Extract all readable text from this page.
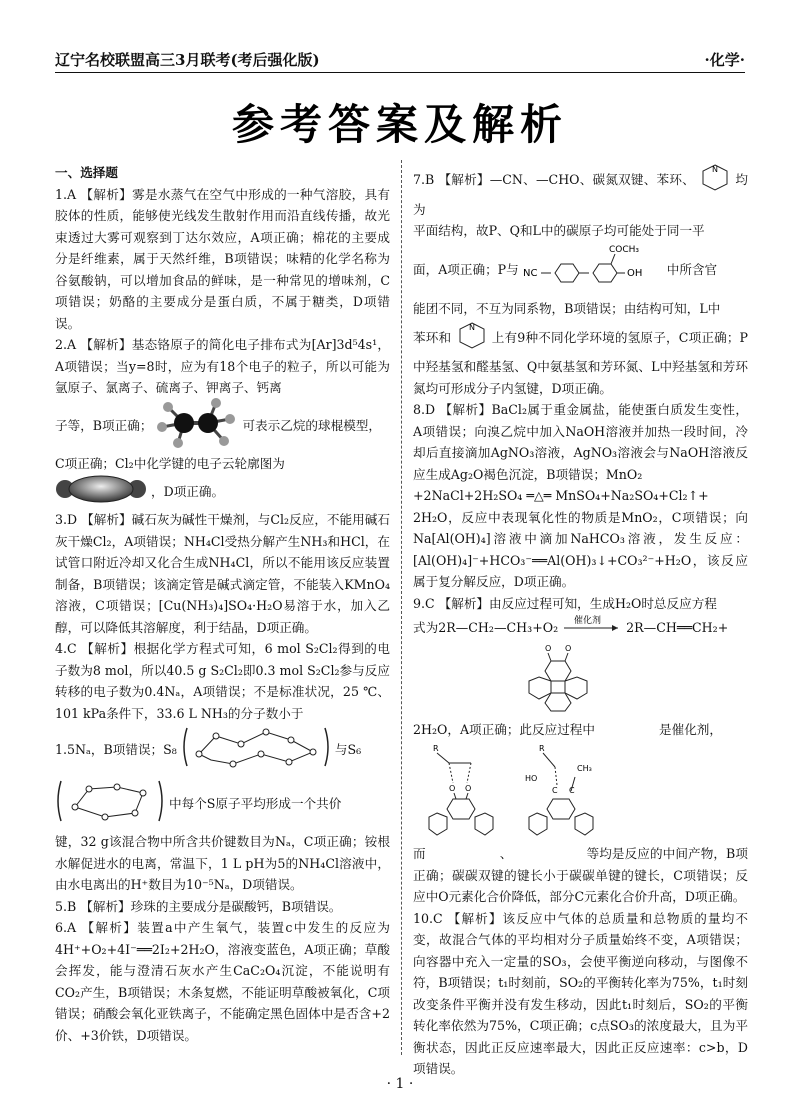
辽宁名校联盟高三3月联考(考后强化版)	·化学·
参考答案及解析
一、选择题

1.A 【解析】雾是水蒸气在空气中形成的一种气溶胶，具有胶体的性质，能够使光线发生散射作用而沿直线传播，故光束透过大雾可观察到丁达尔效应，A项正确；棉花的主要成分是纤维素，属于天然纤维，B项错误；味精的化学名称为谷氨酸钠，可以增加食品的鲜味，是一种常见的增味剂，C项错误；奶酪的主要成分是蛋白质，不属于糖类，D项错误。

2.A 【解析】基态铬原子的简化电子排布式为[Ar]3d⁵4s¹，A项错误；当y=8时，应为有18个电子的粒子，所以可能为氩原子、氯离子、硫离子、钾离子、钙离
子等，B项正确；	可表示乙烷的球棍模型，
C项正确；Cl₂中化学键的电子云轮廓图为
，D项正确。

3.D 【解析】碱石灰为碱性干燥剂，与Cl₂反应，不能用碱石灰干燥Cl₂，A项错误；NH₄Cl受热分解产生NH₃和HCl，在试管口附近冷却又化合生成NH₄Cl，所以不能用该反应装置制备，B项错误；该滴定管是碱式滴定管，不能装入KMnO₄溶液，C项错误；[Cu(NH₃)₄]SO₄·H₂O易溶于水，加入乙醇，可以降低其溶解度，利于结晶，D项正确。

4.C 【解析】根据化学方程式可知，6 mol S₂Cl₂得到的电子数为8 mol，所以40.5 g S₂Cl₂即0.3 mol S₂Cl₂参与反应转移的电子数为0.4Nₐ，A项错误；不是标准状况，25 ℃、101 kPa条件下，33.6 L NH₃的分子数小于
1.5Nₐ，B项错误；S₈	与S₆
中每个S原子平均形成一个共价
键，32 g该混合物中所含共价键数目为Nₐ，C项正确；铵根水解促进水的电离，常温下，1 L pH为5的NH₄Cl溶液中，由水电离出的H⁺数目为10⁻⁵Nₐ，D项错误。

5.B 【解析】珍珠的主要成分是碳酸钙，B项错误。

6.A 【解析】装置a中产生氧气，装置c中发生的反应为4H⁺+O₂+4I⁻══2I₂+2H₂O，溶液变蓝色，A项正确；草酸会挥发，能与澄清石灰水产生CaC₂O₄沉淀，不能说明有CO₂产生，B项错误；木条复燃，不能证明草酸被氧化，C项错误；硝酸会氧化亚铁离子，不能确定黑色固体中是否含+2价、+3价铁，D项错误。

7.B 【解析】—CN、—CHO、碳氮双键、苯环、
N
均为
平面结构，故P、Q和L中的碳原子均可能处于同一平
面，A项正确；P与 NC
COCH₃
OH 中所含官
能团不同，不互为同系物，B项错误；由结构可知，L中
苯环和
N
上有9种不同化学环境的氢原子，C项正确；P中羟基氢和醛基氢、Q中氨基氢和芳环氮、L中羟基氢和芳环氮均可形成分子内氢键，D项正确。

8.D 【解析】BaCl₂属于重金属盐，能使蛋白质发生变性，A项错误；向溴乙烷中加入NaOH溶液并加热一段时间，冷却后直接滴加AgNO₃溶液，AgNO₃溶液会与NaOH溶液反应生成Ag₂O褐色沉淀，B项错误；MnO₂
+2NaCl+2H₂SO₄ ═△═ MnSO₄+Na₂SO₄+Cl₂↑+
2H₂O，反应中表现氧化性的物质是MnO₂，C项错误；向Na[Al(OH)₄]溶液中滴加NaHCO₃溶液，发生反应：[Al(OH)₄]⁻+HCO₃⁻══Al(OH)₃↓+CO₃²⁻+H₂O，该反应属于复分解反应，D项正确。

9.C 【解析】由反应过程可知，生成H₂O时总反应方程
式为2R—CH₂—CH₃+O₂ 催化剂 2R—CH══CH₂+

O O

2H₂O，A项正确；此反应过程中	是催化剂，

R
O O
R
HO
CH₃
C C

而	、	等均是反应的中间产物，B项正确；碳碳双键的键长小于碳碳单键的键长，C项错误；反应中O元素化合价降低，部分C元素化合价升高，D项正确。

10.C 【解析】该反应中气体的总质量和总物质的量均不变，故混合气体的平均相对分子质量始终不变，A项错误；向容器中充入一定量的SO₃，会使平衡逆向移动，与图像不符，B项错误；t₁时刻前，SO₂的平衡转化率为75%，t₁时刻改变条件平衡并没有发生移动，因此t₁时刻后，SO₂的平衡转化率依然为75%，C项正确；c点SO₃的浓度最大，且为平衡状态，因此正反应速率最大，因此正反应速率：c>b，D项错误。

· 1 ·
